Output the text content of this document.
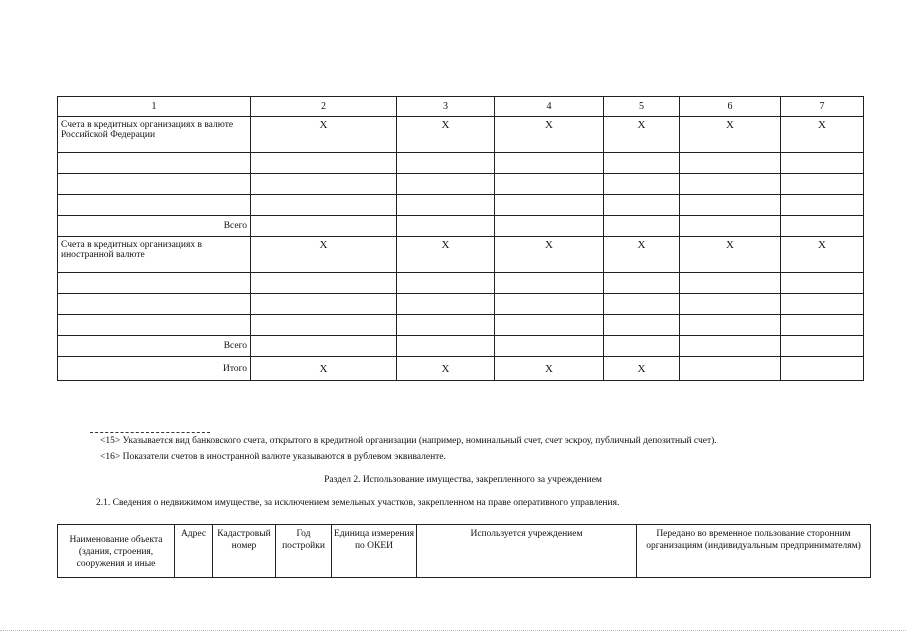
1	2	3	4	5	6	7
Счета в кредитных организациях в валюте Российской Федерации	X	X	X	X	X	X

Всего						
Счета в кредитных организациях в иностранной валюте	X	X	X	X	X	X

Всего						
Итого	X	X	X	X		
<15> Указывается вид банковского счета, открытого в кредитной организации (например, номинальный счет, счет эскроу, публичный депозитный счет).
<16> Показатели счетов в иностранной валюте указываются в рублевом эквиваленте.
Раздел 2. Использование имущества, закрепленного за учреждением
2.1. Сведения о недвижимом имуществе, за исключением земельных участков, закрепленном на праве оперативного управления.
Наименование объекта (здания, строения, сооружения и иные	Адрес	Кадастровый номер	Год постройки	Единица измерения по ОКЕИ	Используется учреждением	Передано во временное пользование сторонним организациям (индивидуальным предпринимателям)
